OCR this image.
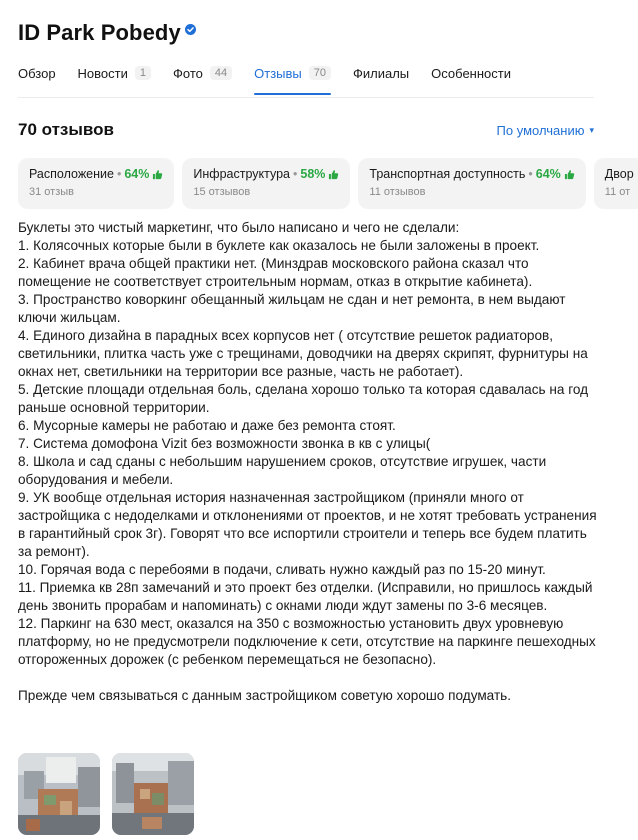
ID Park Pobedy
Обзор Новости	1	Фото	44	Отзывы	70	Филиалы Особенности
70 отзывов	По умолчанию ▾
Расположение • 64%
31 отзыв
Инфраструктура • 58%
15 отзывов
Транспортная доступность • 64%
11 отзывов
Двор
11 от

Буклеты это чистый маркетинг, что было написано и чего не сделали:

1. Колясочных которые были в буклете как оказалось не были заложены в проект.

2. Кабинет врача общей практики нет. (Минздрав московского района сказал что помещение не соответствует строительным нормам, отказ в открытие кабинета).

3. Пространство коворкинг обещанный жильцам не сдан и нет ремонта, в нем выдают ключи жильцам.

4. Единого дизайна в парадных всех корпусов нет ( отсутствие решеток радиаторов, светильники, плитка часть уже с трещинами, доводчики на дверях скрипят, фурнитуры на окнах нет, светильники на территории все разные, часть не работает).

5. Детские площади отдельная боль, сделана хорошо только та которая сдавалась на год раньше основной территории.

6. Мусорные камеры не работаю и даже без ремонта стоят.

7. Система домофона Vizit без возможности звонка в кв с улицы(

8. Школа и сад сданы с небольшим нарушением сроков, отсутствие игрушек, части оборудования и мебели.

9. УК вообще отдельная история назначенная застройщиком (приняли много от застройщика с недоделками и отклонениями от проектов, и не хотят требовать устранения в гарантийный срок 3г). Говорят что все испортили строители и теперь все будем платить за ремонт).

10. Горячая вода с перебоями в подачи, сливать нужно каждый раз по 15-20 минут.

11. Приемка кв 28п замечаний и это проект без отделки. (Исправили, но пришлось каждый день звонить прорабам и напоминать) с окнами люди ждут замены по 3-6 месяцев.

12. Паркинг на 630 мест, оказался на 350 с возможностью установить двух уровневую платформу, но не предусмотрели подключение к сети, отсутствие на паркинге пешеходных отгороженных дорожек (с ребенком перемещаться не безопасно).

Прежде чем связываться с данным застройщиком советую хорошо подумать.
